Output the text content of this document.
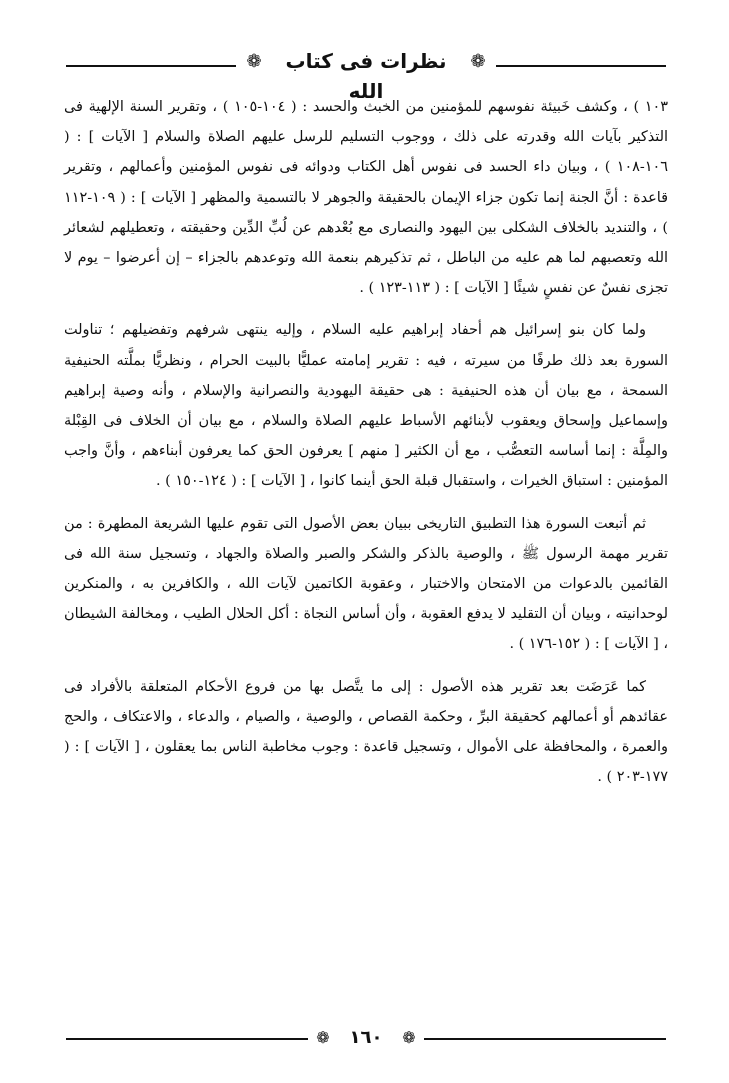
❁	نظرات فى كتاب الله
❁

١٠٣ ) ، وكشف خَبيئة نفوسهم للمؤمنين من الخبث والحسد : ( ١٠٤-١٠٥ ) ، وتقرير السنة الإلهية فى التذكير بآيات الله وقدرته على ذلك ، ووجوب التسليم للرسل عليهم الصلاة والسلام [ الآيات ] : ( ١٠٦-١٠٨ ) ، وبيان داء الحسد فى نفوس أهل الكتاب ودوائه فى نفوس المؤمنين وأعمالهم ، وتقرير قاعدة : أنَّ الجنة إنما تكون جزاء الإيمان بالحقيقة والجوهر لا بالتسمية والمظهر [ الآيات ] : ( ١٠٩-١١٢ ) ، والتنديد بالخلاف الشكلى بين اليهود والنصارى مع بُعْدهم عن لُبِّ الدِّين وحقيقته ، وتعطيلهم لشعائر الله وتعصبهم لما هم عليه من الباطل ، ثم تذكيرهم بنعمة الله وتوعدهم بالجزاء – إن أعرضوا – يوم لا تجزى نفسٌ عن نفسٍ شيئًا [ الآيات ] : ( ١١٣-١٢٣ ) .

ولما كان بنو إسرائيل هم أحفاد إبراهيم عليه السلام ، وإليه ينتهى شرفهم وتفضيلهم ؛ تناولت السورة بعد ذلك طرفًا من سيرته ، فيه : تقرير إمامته عمليًّا بالبيت الحرام ، ونظريًّا بملَّته الحنيفية السمحة ، مع بيان أن هذه الحنيفية : هى حقيقة اليهودية والنصرانية والإسلام ، وأنه وصية إبراهيم وإسماعيل وإسحاق ويعقوب لأبنائهم الأسباط عليهم الصلاة والسلام ، مع بيان أن الخلاف فى القِبْلة والمِلَّة : إنما أساسه التعصُّب ، مع أن الكثير [ منهم ] يعرفون الحق كما يعرفون أبناءهم ، وأنَّ واجب المؤمنين : استباق الخيرات ، واستقبال قبلة الحق أينما كانوا ، [ الآيات ] : ( ١٢٤-١٥٠ ) .

ثم أتبعت السورة هذا التطبيق التاريخى ببيان بعض الأصول التى تقوم عليها الشريعة المطهرة : من تقرير مهمة الرسول ﷺ ، والوصية بالذكر والشكر والصبر والصلاة والجهاد ، وتسجيل سنة الله فى القائمين بالدعوات من الامتحان والاختبار ، وعقوبة الكاتمين لآيات الله ، والكافرين به ، والمنكرين لوحدانيته ، وبيان أن التقليد لا يدفع العقوبة ، وأن أساس النجاة : أكل الحلال الطيب ، ومخالفة الشيطان ، [ الآيات ] : ( ١٥٢-١٧٦ ) .

كما عَرَضَت بعد تقرير هذه الأصول : إلى ما يتَّصل بها من فروع الأحكام المتعلقة بالأفراد فى عقائدهم أو أعمالهم كحقيقة البرِّ ، وحكمة القصاص ، والوصية ، والصيام ، والدعاء ، والاعتكاف ، والحج والعمرة ، والمحافظة على الأموال ، وتسجيل قاعدة : وجوب مخاطبة الناس بما يعقلون ، [ الآيات ] : ( ١٧٧-٢٠٣ ) .

❁	١٦٠	❁
